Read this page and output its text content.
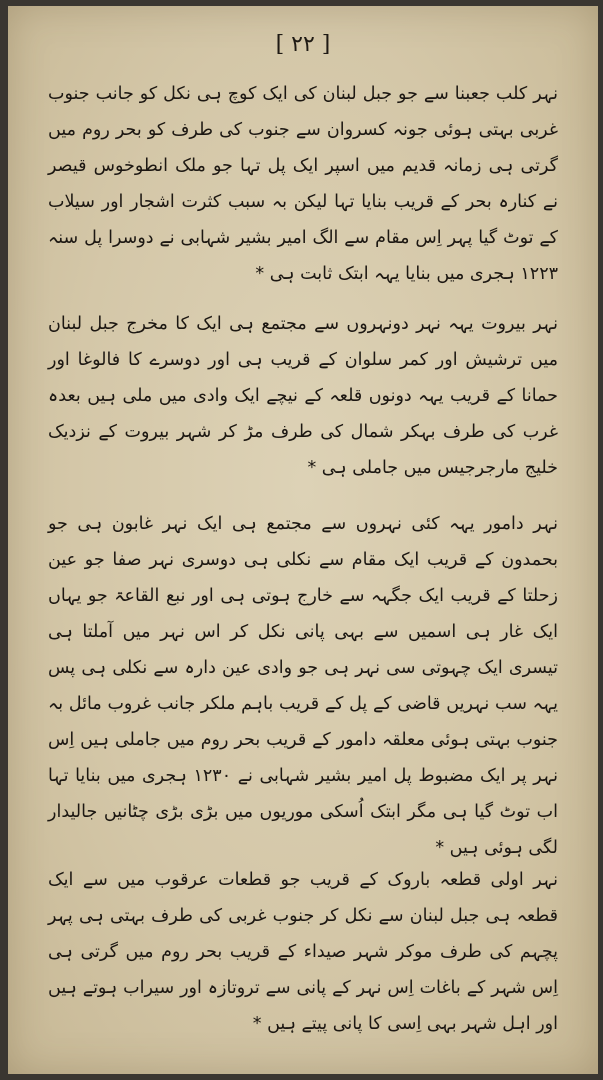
[ ٢٢ ]

نہر کلب جعبنا سے جو جبل لبنان کی ایک کوچ ہی نکل کو جانب جنوب غربی بہتی ہوئی جونہ کسروان سے جنوب کی طرف کو بحر روم میں گرتی ہی زمانہ قدیم میں اسپر ایک پل تہا جو ملک انطوخوس قیصر نے کنارہ بحر کے قریب بنایا تہا لیکن بہ سبب کثرت اشجار اور سیلاب کے توٹ گیا پہر اِس مقام سے الگ امیر بشیر شہابی نے دوسرا پل سنہ ١٢٢٣ ہجری میں بنایا یہہ ابتک ثابت ہی *

نہر بیروت یہہ نہر دونہروں سے مجتمع ہی ایک کا مخرج جبل لبنان میں ترشیش اور کمر سلوان کے قریب ہی اور دوسرے کا فالوغا اور حمانا کے قریب یہہ دونوں قلعہ کے نیچے ایک وادی میں ملی ہیں بعدہ غرب کی طرف بہکر شمال کی طرف مڑ کر شہر بیروت کے نزدیک خلیج مارجرجیس میں جاملی ہی *

نہر دامور یہہ کئی نہروں سے مجتمع ہی ایک نہر غابون ہی جو بحمدون کے قریب ایک مقام سے نکلی ہی دوسری نہر صفا جو عین زحلتا کے قریب ایک جگہہ سے خارج ہوتی ہی اور نبع القاعۃ جو یہاں ایک غار ہی اسمیں سے بہی پانی نکل کر اس نہر میں آملتا ہی تیسری ایک چہوتی سی نہر ہی جو وادی عین دارہ سے نکلی ہی پس یہہ سب نہریں قاضی کے پل کے قریب باہم ملکر جانب غروب مائل بہ جنوب بہتی ہوئی معلقہ دامور کے قریب بحر روم میں جاملی ہیں اِس نہر پر ایک مضبوط پل امیر بشیر شہابی نے ١٢٣٠ ہجری میں بنایا تہا اب توٹ گیا ہی مگر ابتک اُسکی موریوں میں بڑی بڑی چٹانیں جالیدار لگی ہوئی ہیں *

نہر اولی قطعہ باروک کے قریب جو قطعات عرقوب میں سے ایک قطعہ ہی جبل لبنان سے نکل کر جنوب غربی کی طرف بہتی ہی پہر پچہم کی طرف موکر شہر صیداء کے قریب بحر روم میں گرتی ہی اِس شہر کے باغات اِس نہر کے پانی سے تروتازہ اور سیراب ہوتے ہیں اور اہل شہر بہی اِسی کا پانی پیتے ہیں *
